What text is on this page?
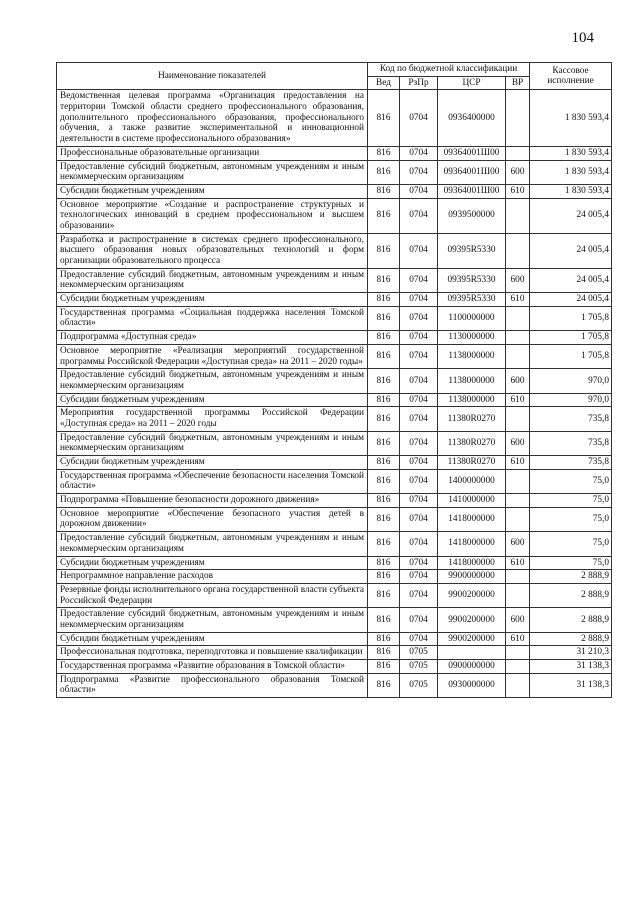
104
Наименование показателей	Код по бюджетной классификации				Кассовое исполнение
	Вед	РзПр	ЦСР	ВР	
Ведомственная целевая программа «Организация предоставления на территории Томской области среднего профессионального образования, дополнительного профессионального образования, профессионального обучения, а также развитие экспериментальной и инновационной деятельности в системе профессионального образования»	816	0704	0936400000		1 830 593,4
Профессиональные образовательные организации	816	0704	09364001Ш00		1 830 593,4
Предоставление субсидий бюджетным, автономным учреждениям и иным некоммерческим организациям	816	0704	09364001Ш00	600	1 830 593,4
Субсидии бюджетным учреждениям	816	0704	09364001Ш00	610	1 830 593,4
Основное мероприятие «Создание и распространение структурных и технологических инноваций в среднем профессиональном и высшем образовании»	816	0704	0939500000		24 005,4
Разработка и распространение в системах среднего профессионального, высшего образования новых образовательных технологий и форм организации образовательного процесса	816	0704	09395R5330		24 005,4
Предоставление субсидий бюджетным, автономным учреждениям и иным некоммерческим организациям	816	0704	09395R5330	600	24 005,4
Субсидии бюджетным учреждениям	816	0704	09395R5330	610	24 005,4
Государственная программа «Социальная поддержка населения Томской области»	816	0704	1100000000		1 705,8
Подпрограмма «Доступная среда»	816	0704	1130000000		1 705,8
Основное мероприятие «Реализация мероприятий государственной программы Российской Федерации «Доступная среда» на 2011 – 2020 годы»	816	0704	1138000000		1 705,8
Предоставление субсидий бюджетным, автономным учреждениям и иным некоммерческим организациям	816	0704	1138000000	600	970,0
Субсидии бюджетным учреждениям	816	0704	1138000000	610	970,0
Мероприятия государственной программы Российской Федерации «Доступная среда» на 2011 – 2020 годы	816	0704	11380R0270		735,8
Предоставление субсидий бюджетным, автономным учреждениям и иным некоммерческим организациям	816	0704	11380R0270	600	735,8
Субсидии бюджетным учреждениям	816	0704	11380R0270	610	735,8
Государственная программа «Обеспечение безопасности населения Томской области»	816	0704	1400000000		75,0
Подпрограмма «Повышение безопасности дорожного движения»	816	0704	1410000000		75,0
Основное мероприятие «Обеспечение безопасного участия детей в дорожном движении»	816	0704	1418000000		75,0
Предоставление субсидий бюджетным, автономным учреждениям и иным некоммерческим организациям	816	0704	1418000000	600	75,0
Субсидии бюджетным учреждениям	816	0704	1418000000	610	75,0
Непрограммное направление расходов	816	0704	9900000000		2 888,9
Резервные фонды исполнительного органа государственной власти субъекта Российской Федерации	816	0704	9900200000		2 888,9
Предоставление субсидий бюджетным, автономным учреждениям и иным некоммерческим организациям	816	0704	9900200000	600	2 888,9
Субсидии бюджетным учреждениям	816	0704	9900200000	610	2 888,9
Профессиональная подготовка, переподготовка и повышение квалификации	816	0705			31 210,3
Государственная программа «Развитие образования в Томской области»	816	0705	0900000000		31 138,3
Подпрограмма «Развитие профессионального образования Томской области»	816	0705	0930000000		31 138,3
